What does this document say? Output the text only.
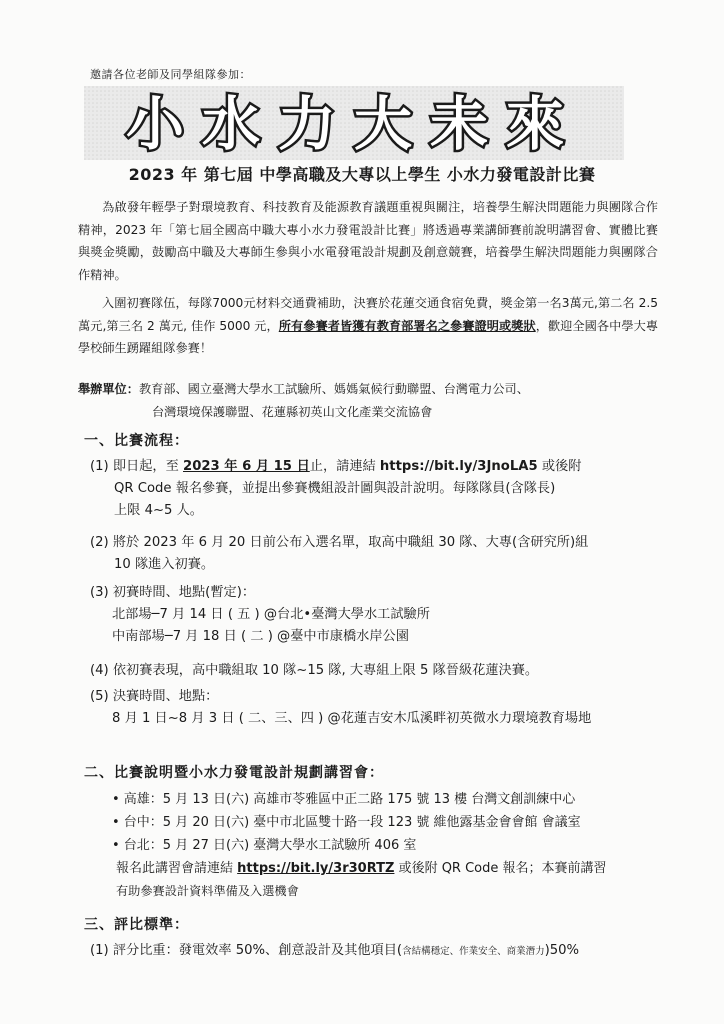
邀請各位老師及同學組隊參加：
小水力大未來
2023 年 第七屆 中學高職及大專以上學生 小水力發電設計比賽
為啟發年輕學子對環境教育、科技教育及能源教育議題重視與關注，培養學生解決問題能力與團隊合作精神，2023 年「第七屆全國高中職大專小水力發電設計比賽」將透過專業講師賽前說明講習會、實體比賽與獎金獎勵，鼓勵高中職及大專師生參與小水電發電設計規劃及創意競賽，培養學生解決問題能力與團隊合作精神。
入圍初賽隊伍，每隊7000元材料交通費補助，決賽於花蓮交通食宿免費，獎金第一名3萬元,第二名 2.5 萬元,第三名 2 萬元, 佳作 5000 元，所有參賽者皆獲有教育部署名之參賽證明或獎狀，歡迎全國各中學大專學校師生踴躍組隊參賽！
舉辦單位：教育部、國立臺灣大學水工試驗所、媽媽氣候行動聯盟、台灣電力公司、
台灣環境保護聯盟、花蓮縣初英山文化產業交流協會
一、比賽流程：
(1) 即日起，至 2023 年 6 月 15 日止，請連結 https://bit.ly/3JnoLA5 或後附
QR Code 報名參賽，並提出參賽機組設計圖與設計說明。每隊隊員(含隊長)
上限 4~5 人。
(2) 將於 2023 年 6 月 20 日前公布入選名單，取高中職組 30 隊、大專(含研究所)組
10 隊進入初賽。
(3) 初賽時間、地點(暫定)：
北部場─7 月 14 日 ( 五 ) @台北•臺灣大學水工試驗所
中南部場─7 月 18 日 ( 二 ) @臺中市康橋水岸公園
(4) 依初賽表現，高中職組取 10 隊~15 隊, 大專組上限 5 隊晉級花蓮決賽。
(5) 決賽時間、地點：
8 月 1 日~8 月 3 日 ( 二、三、四 ) @花蓮吉安木瓜溪畔初英微水力環境教育場地
二、比賽說明暨小水力發電設計規劃講習會：
• 高雄：5 月 13 日(六) 高雄市苓雅區中正二路 175 號 13 樓 台灣文創訓練中心
• 台中：5 月 20 日(六) 臺中市北區雙十路一段 123 號 維他露基金會會館 會議室
• 台北：5 月 27 日(六) 臺灣大學水工試驗所 406 室
報名此講習會請連結 https://bit.ly/3r30RTZ 或後附 QR Code 報名；本賽前講習
有助參賽設計資料準備及入選機會
三、評比標準：
(1) 評分比重：發電效率 50%、創意設計及其他項目(含結構穩定、作業安全、商業潛力)50%
